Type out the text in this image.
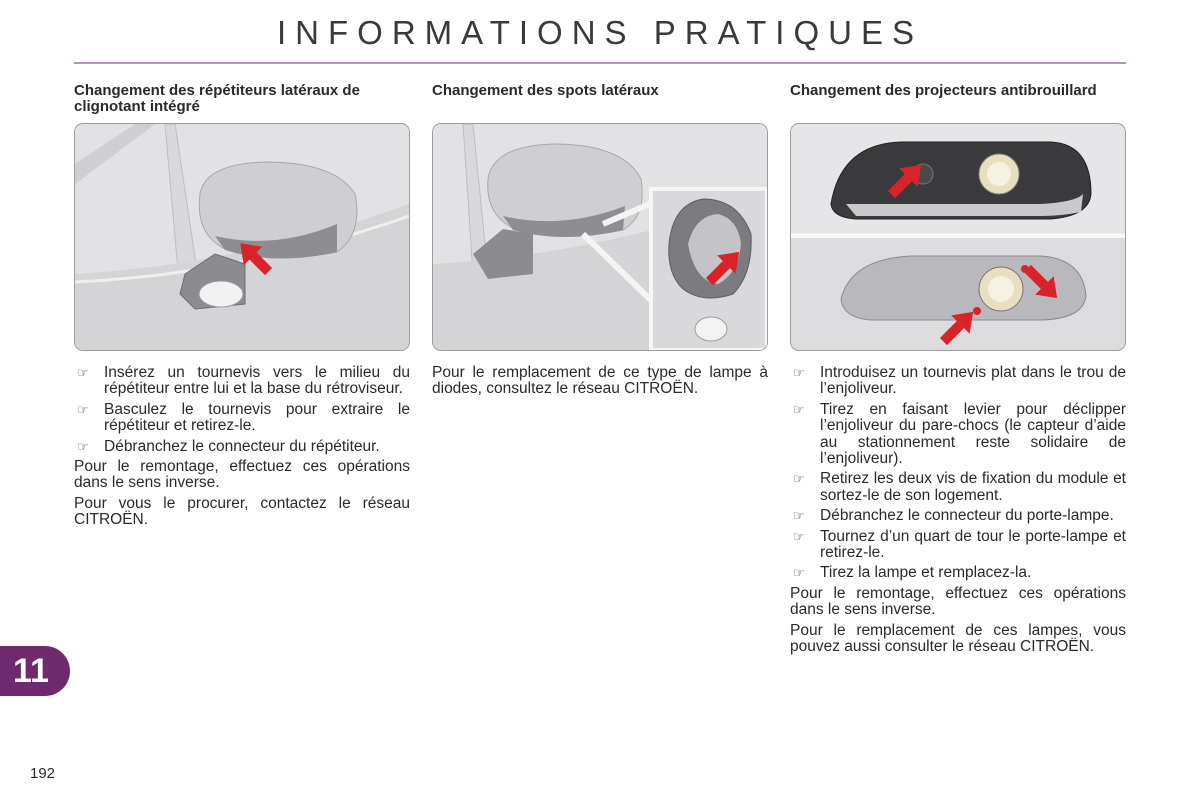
INFORMATIONS PRATIQUES
Changement des répétiteurs latéraux de clignotant intégré
☞ Insérez un tournevis vers le milieu du répétiteur entre lui et la base du rétroviseur.
☞ Basculez le tournevis pour extraire le répétiteur et retirez-le.
☞ Débranchez le connecteur du répétiteur.

Pour le remontage, effectuez ces opérations dans le sens inverse.

Pour vous le procurer, contactez le réseau CITROËN.

Changement des spots latéraux

Pour le remplacement de ce type de lampe à diodes, consultez le réseau CITROËN.

Changement des projecteurs antibrouillard
☞ Introduisez un tournevis plat dans le trou de l’enjoliveur.
☞ Tirez en faisant levier pour déclipper l’enjoliveur du pare-chocs (le capteur d’aide au stationnement reste solidaire de l’enjoliveur).
☞ Retirez les deux vis de fixation du module et sortez-le de son logement.
☞ Débranchez le connecteur du porte-lampe.
☞ Tournez d’un quart de tour le porte-lampe et retirez-le.
☞ Tirez la lampe et remplacez-la.

Pour le remontage, effectuez ces opérations dans le sens inverse.

Pour le remplacement de ces lampes, vous pouvez aussi consulter le réseau CITROËN.

11
192
